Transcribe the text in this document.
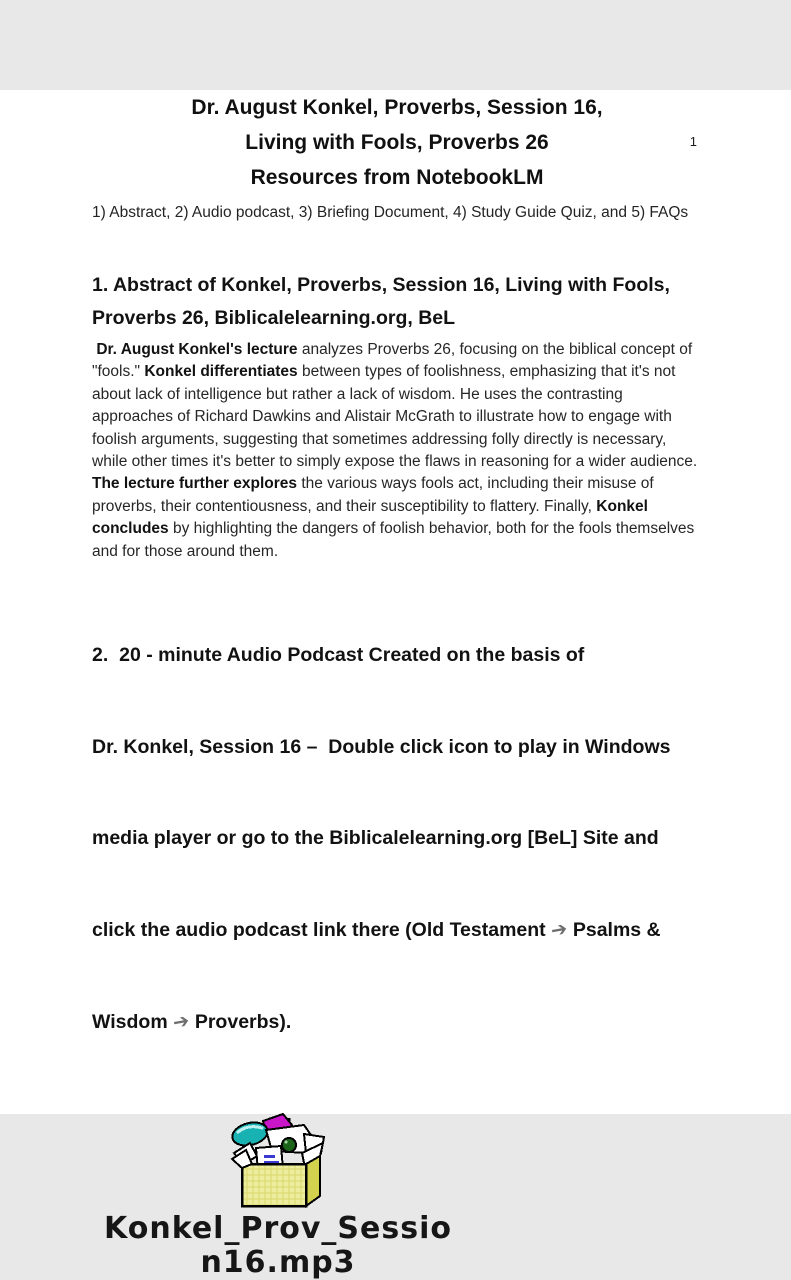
1
Dr. August Konkel, Proverbs, Session 16,
Living with Fools, Proverbs 26
Resources from NotebookLM
1) Abstract, 2) Audio podcast, 3) Briefing Document, 4) Study Guide Quiz, and 5) FAQs
1. Abstract of Konkel, Proverbs, Session 16, Living with Fools, Proverbs 26, Biblicalelearning.org, BeL

Dr. August Konkel's lecture analyzes Proverbs 26, focusing on the biblical concept of "fools." Konkel differentiates between types of foolishness, emphasizing that it's not about lack of intelligence but rather a lack of wisdom. He uses the contrasting approaches of Richard Dawkins and Alistair McGrath to illustrate how to engage with foolish arguments, suggesting that sometimes addressing folly directly is necessary, while other times it's better to simply expose the flaws in reasoning for a wider audience. The lecture further explores the various ways fools act, including their misuse of proverbs, their contentiousness, and their susceptibility to flattery. Finally, Konkel concludes by highlighting the dangers of foolish behavior, both for the fools themselves and for those around them.

2.  20 - minute Audio Podcast Created on the basis of

Dr. Konkel, Session 16 –  Double click icon to play in Windows

media player or go to the Biblicalelearning.org [BeL] Site and

click the audio podcast link there (Old Testament ➔ Psalms &

Wisdom ➔ Proverbs).

Konkel_Prov_Sessio
n16.mp3
